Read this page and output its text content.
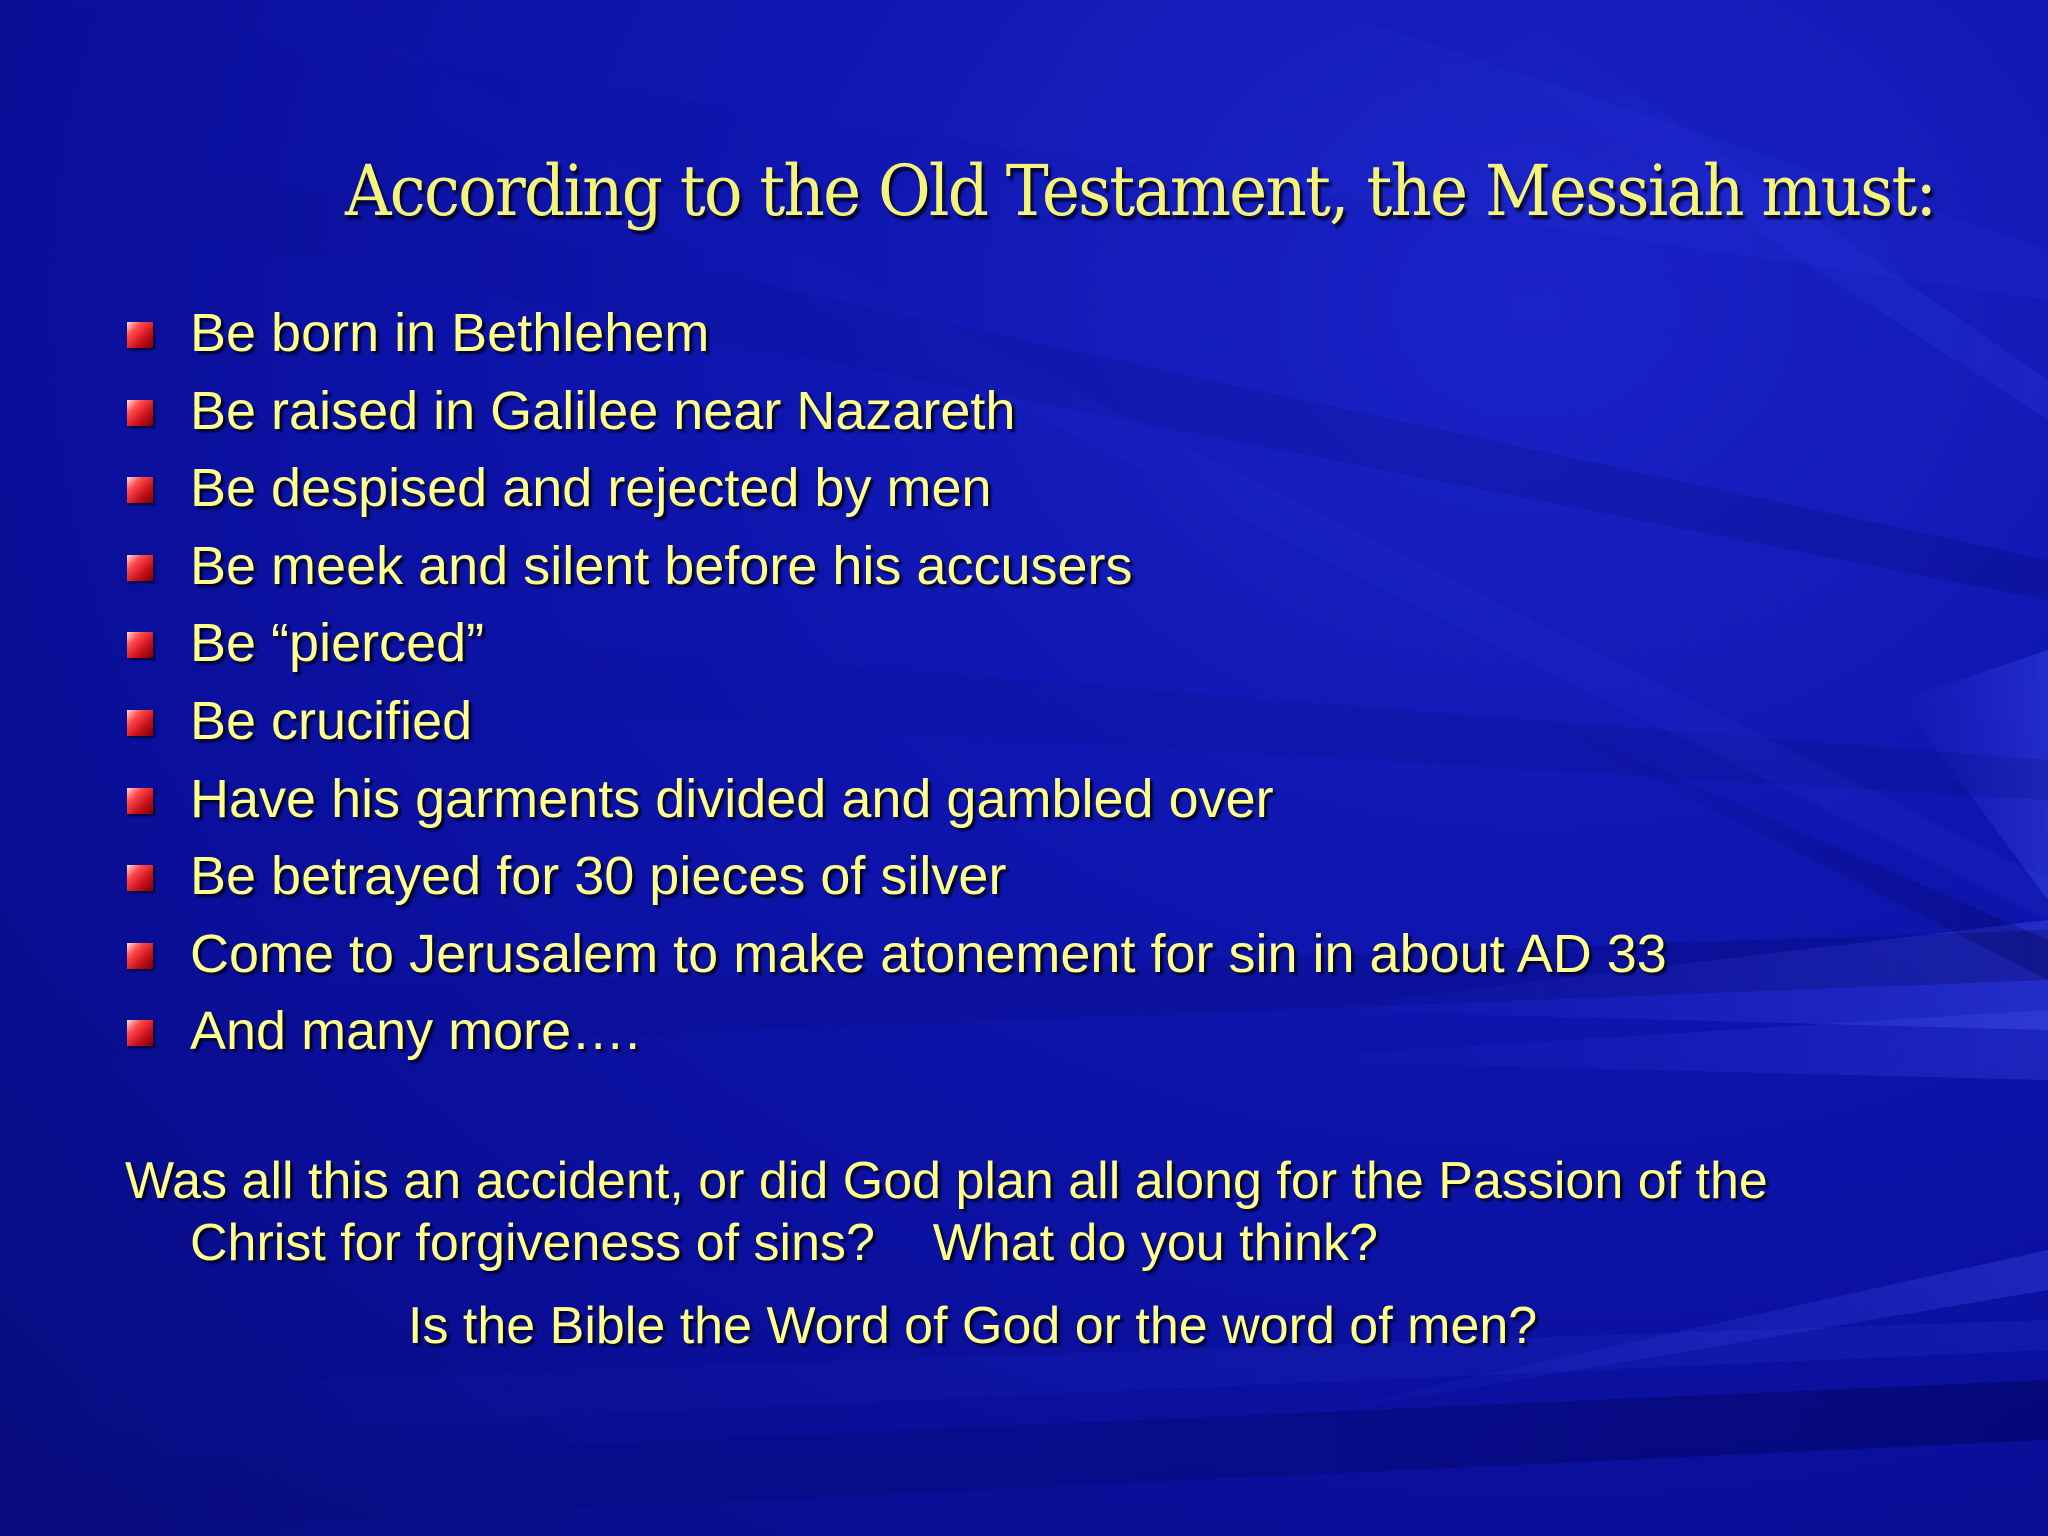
According to the Old Testament, the Messiah must:
Be born in Bethlehem
Be raised in Galilee near Nazareth
Be despised and rejected by men
Be meek and silent before his accusers
Be “pierced”
Be crucified
Have his garments divided and gambled over
Be betrayed for 30 pieces of silver
Come to Jerusalem to make atonement for sin in about AD 33
And many more….

Was all this an accident, or did God plan all along for the Passion of the
Christ for forgiveness of sins?    What do you think?

Is the Bible the Word of God or the word of men?
